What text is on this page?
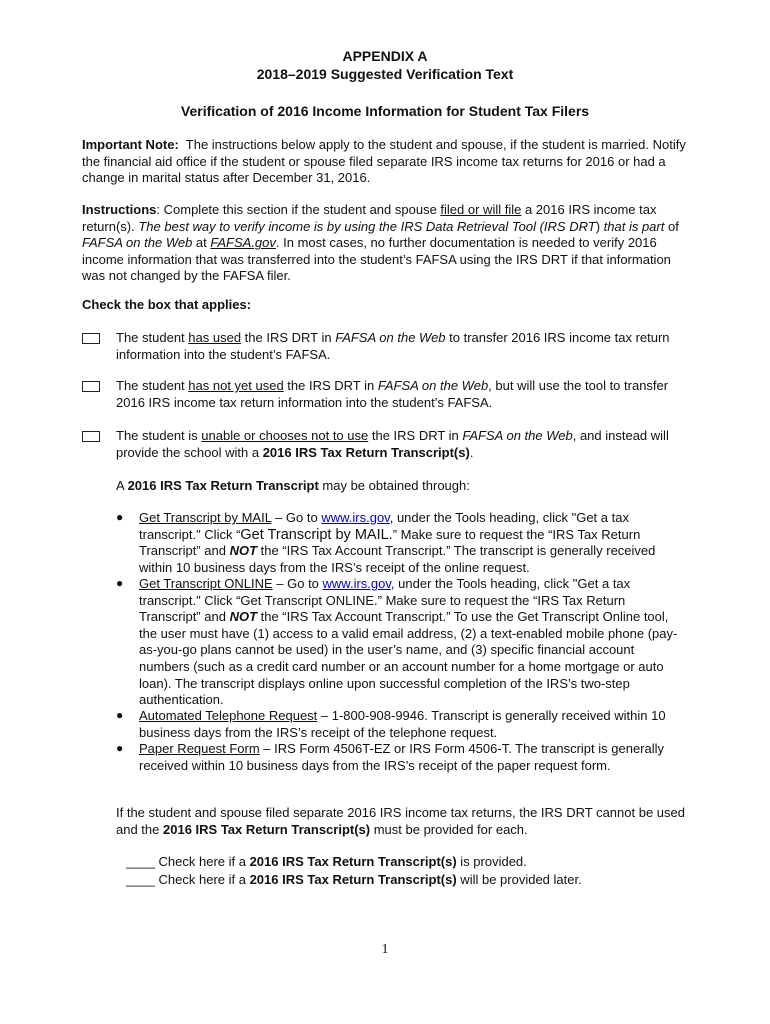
APPENDIX A
2018–2019 Suggested Verification Text
Verification of 2016 Income Information for Student Tax Filers
Important Note: The instructions below apply to the student and spouse, if the student is married. Notify the financial aid office if the student or spouse filed separate IRS income tax returns for 2016 or had a change in marital status after December 31, 2016.
Instructions: Complete this section if the student and spouse filed or will file a 2016 IRS income tax return(s). The best way to verify income is by using the IRS Data Retrieval Tool (IRS DRT) that is part of FAFSA on the Web at FAFSA.gov. In most cases, no further documentation is needed to verify 2016 income information that was transferred into the student’s FAFSA using the IRS DRT if that information was not changed by the FAFSA filer.
Check the box that applies:
The student has used the IRS DRT in FAFSA on the Web to transfer 2016 IRS income tax return information into the student’s FAFSA.
The student has not yet used the IRS DRT in FAFSA on the Web, but will use the tool to transfer 2016 IRS income tax return information into the student’s FAFSA.
The student is unable or chooses not to use the IRS DRT in FAFSA on the Web, and instead will provide the school with a 2016 IRS Tax Return Transcript(s).
A 2016 IRS Tax Return Transcript may be obtained through:
● Get Transcript by MAIL – Go to www.irs.gov, under the Tools heading, click "Get a tax transcript." Click “Get Transcript by MAIL.” Make sure to request the “IRS Tax Return Transcript” and NOT the “IRS Tax Account Transcript.” The transcript is generally received within 10 business days from the IRS’s receipt of the online request.
● Get Transcript ONLINE – Go to www.irs.gov, under the Tools heading, click "Get a tax transcript." Click “Get Transcript ONLINE.” Make sure to request the “IRS Tax Return Transcript” and NOT the “IRS Tax Account Transcript.” To use the Get Transcript Online tool, the user must have (1) access to a valid email address, (2) a text-enabled mobile phone (pay-as-you-go plans cannot be used) in the user’s name, and (3) specific financial account numbers (such as a credit card number or an account number for a home mortgage or auto loan). The transcript displays online upon successful completion of the IRS’s two-step authentication.
● Automated Telephone Request – 1-800-908-9946. Transcript is generally received within 10 business days from the IRS’s receipt of the telephone request.
● Paper Request Form – IRS Form 4506T-EZ or IRS Form 4506-T. The transcript is generally received within 10 business days from the IRS’s receipt of the paper request form.
If the student and spouse filed separate 2016 IRS income tax returns, the IRS DRT cannot be used and the 2016 IRS Tax Return Transcript(s) must be provided for each.
____ Check here if a 2016 IRS Tax Return Transcript(s) is provided.
____ Check here if a 2016 IRS Tax Return Transcript(s) will be provided later.
1
